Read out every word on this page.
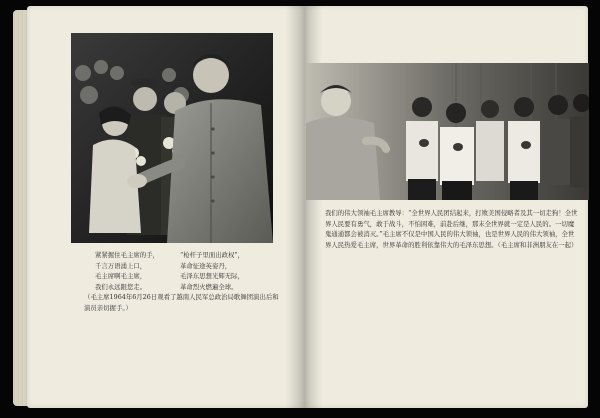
紧紧握住毛主席的手，
千言万语涌上口，
毛主席啊毛主席，
我们永远跟您走。
“枪杆子里面出政权”，
革命征途英姿丹，
毛泽东思想光辉无际，
革命烈火燃遍全球。
（毛主席1964年6月26日观看了越南人民军总政治局歌舞团演出后和演员亲切握手。）

我们的伟大领袖毛主席教导：“全世界人民团结起来，打败美国侵略者及其一切走狗！全世界人民要有勇气，敢于战斗，不怕困难，前赴后继，那末全世界就一定是人民的。一切魔鬼通通都会被消灭。”毛主席不仅是中国人民的伟大领袖，也是世界人民的伟大领袖，全世界人民热爱毛主席，世界革命的胜利依靠伟大的毛泽东思想。（毛主席和非洲朋友在一起）
